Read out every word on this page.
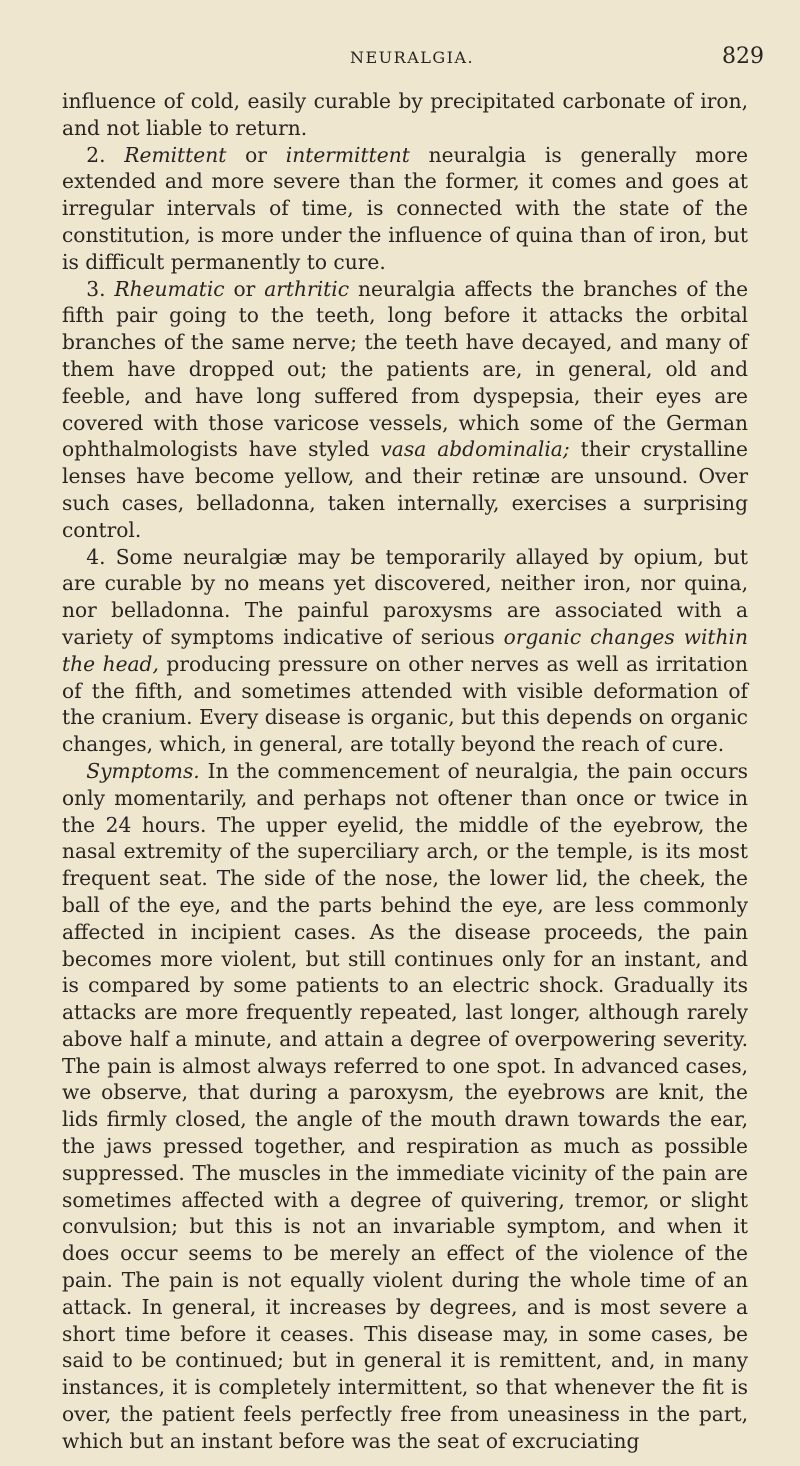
NEURALGIA.	829

influence of cold, easily curable by precipitated carbonate of iron, and not liable to return.

2. Remittent or intermittent neuralgia is generally more extended and more severe than the former, it comes and goes at irregular intervals of time, is connected with the state of the constitution, is more under the influence of quina than of iron, but is difficult permanently to cure.

3. Rheumatic or arthritic neuralgia affects the branches of the fifth pair going to the teeth, long before it attacks the orbital branches of the same nerve; the teeth have decayed, and many of them have dropped out; the patients are, in general, old and feeble, and have long suffered from dyspepsia, their eyes are covered with those varicose vessels, which some of the German ophthalmologists have styled vasa abdominalia; their crystalline lenses have become yellow, and their retinæ are unsound. Over such cases, belladonna, taken internally, exercises a surprising control.

4. Some neuralgiæ may be temporarily allayed by opium, but are curable by no means yet discovered, neither iron, nor quina, nor belladonna. The painful paroxysms are associated with a variety of symptoms indicative of serious organic changes within the head, producing pressure on other nerves as well as irritation of the fifth, and sometimes attended with visible deformation of the cranium. Every disease is organic, but this depends on organic changes, which, in general, are totally beyond the reach of cure.

Symptoms. In the commencement of neuralgia, the pain occurs only momentarily, and perhaps not oftener than once or twice in the 24 hours. The upper eyelid, the middle of the eyebrow, the nasal extremity of the superciliary arch, or the temple, is its most frequent seat. The side of the nose, the lower lid, the cheek, the ball of the eye, and the parts behind the eye, are less commonly affected in incipient cases. As the disease proceeds, the pain becomes more violent, but still continues only for an instant, and is compared by some patients to an electric shock. Gradually its attacks are more frequently repeated, last longer, although rarely above half a minute, and attain a degree of overpowering severity. The pain is almost always referred to one spot. In advanced cases, we observe, that during a paroxysm, the eyebrows are knit, the lids firmly closed, the angle of the mouth drawn towards the ear, the jaws pressed together, and respiration as much as possible suppressed. The muscles in the immediate vicinity of the pain are sometimes affected with a degree of quivering, tremor, or slight convulsion; but this is not an invariable symptom, and when it does occur seems to be merely an effect of the violence of the pain. The pain is not equally violent during the whole time of an attack. In general, it increases by degrees, and is most severe a short time before it ceases. This disease may, in some cases, be said to be continued; but in general it is remittent, and, in many instances, it is completely intermittent, so that whenever the fit is over, the patient feels perfectly free from uneasiness in the part, which but an instant before was the seat of excruciating
